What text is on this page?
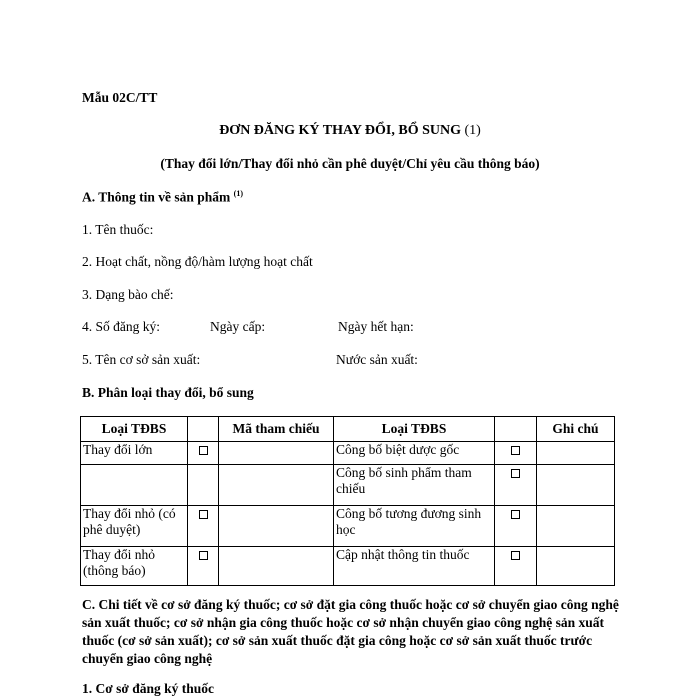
Mẫu 02C/TT
ĐƠN ĐĂNG KÝ THAY ĐỔI, BỔ SUNG (1)
(Thay đổi lớn/Thay đổi nhỏ cần phê duyệt/Chỉ yêu cầu thông báo)
A. Thông tin về sản phẩm $^{(1)}$
1. Tên thuốc:
2. Hoạt chất, nồng độ/hàm lượng hoạt chất
3. Dạng bào chế:
4. Số đăng ký:	Ngày cấp:	Ngày hết hạn:
5. Tên cơ sở sản xuất:	Nước sản xuất:
B. Phân loại thay đổi, bổ sung
Loại TĐBS		Mã tham chiếu	Loại TĐBS		Ghi chú
Thay đổi lớn			Công bố biệt dược gốc		
			Công bố sinh phẩm tham chiếu		
Thay đổi nhỏ (có phê duyệt)			Công bố tương đương sinh học		
Thay đổi nhỏ (thông báo)			Cập nhật thông tin thuốc		
C. Chi tiết về cơ sở đăng ký thuốc; cơ sở đặt gia công thuốc hoặc cơ sở chuyển giao công nghệ sản xuất thuốc; cơ sở nhận gia công thuốc hoặc cơ sở nhận chuyển giao công nghệ sản xuất thuốc (cơ sở sản xuất); cơ sở sản xuất thuốc đặt gia công hoặc cơ sở sản xuất thuốc trước chuyển giao công nghệ
1. Cơ sở đăng ký thuốc
